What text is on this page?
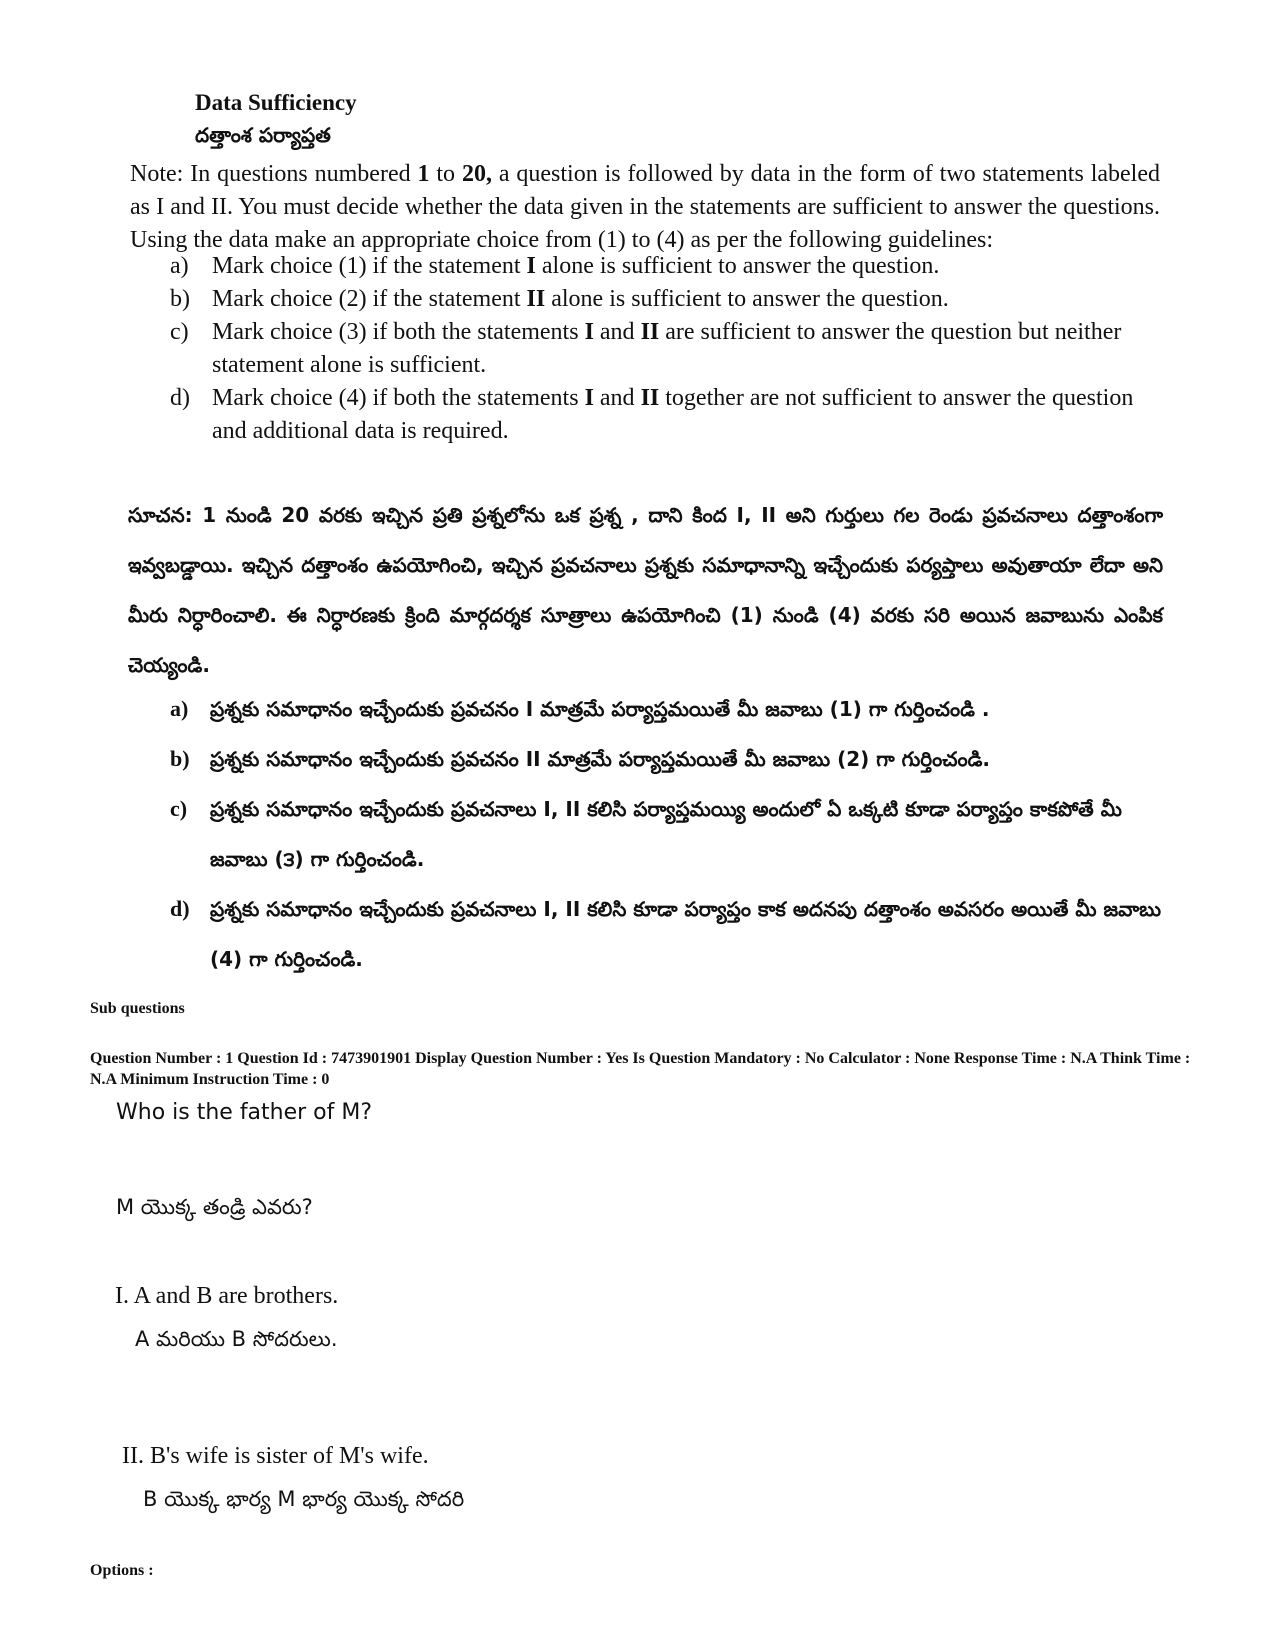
Data Sufficiency
దత్తాంశ పర్యాప్తత
Note: In questions numbered 1 to 20, a question is followed by data in the form of two statements labeled as I and II. You must decide whether the data given in the statements are sufficient to answer the questions. Using the data make an appropriate choice from (1) to (4) as per the following guidelines:
a) Mark choice (1) if the statement I alone is sufficient to answer the question.
b) Mark choice (2) if the statement II alone is sufficient to answer the question.
c) Mark choice (3) if both the statements I and II are sufficient to answer the question but neither statement alone is sufficient.
d) Mark choice (4) if both the statements I and II together are not sufficient to answer the question and additional data is required.
సూచన: 1 నుండి 20 వరకు ఇచ్చిన ప్రతి ప్రశ్నలోను ఒక ప్రశ్న , దాని కింద I, II అని గుర్తులు గల రెండు ప్రవచనాలు దత్తాంశంగా ఇవ్వబడ్డాయి. ఇచ్చిన దత్తాంశం ఉపయోగించి, ఇచ్చిన ప్రవచనాలు ప్రశ్నకు సమాధానాన్ని ఇచ్చేందుకు పర్యప్తాలు అవుతాయా లేదా అని మీరు నిర్ధారించాలి. ఈ నిర్ధారణకు క్రింది మార్గదర్శక సూత్రాలు ఉపయోగించి (1) నుండి (4) వరకు సరి అయిన జవాబును ఎంపిక చెయ్యండి.
a)	ప్రశ్నకు సమాధానం ఇచ్చేందుకు ప్రవచనం I మాత్రమే పర్యాప్తమయితే మీ జవాబు (1) గా గుర్తించండి .
b)	ప్రశ్నకు సమాధానం ఇచ్చేందుకు ప్రవచనం II మాత్రమే పర్యాప్తమయితే మీ జవాబు (2) గా గుర్తించండి.
c)	ప్రశ్నకు సమాధానం ఇచ్చేందుకు ప్రవచనాలు I, II కలిసి పర్యాప్తమయ్యి అందులో ఏ ఒక్కటి కూడా పర్యాప్తం కాకపోతే మీ జవాబు (౩) గా గుర్తించండి.
d)	ప్రశ్నకు సమాధానం ఇచ్చేందుకు ప్రవచనాలు I, II కలిసి కూడా పర్యాప్తం కాక అదనపు దత్తాంశం అవసరం అయితే మీ జవాబు (4) గా గుర్తించండి.
Sub questions
Question Number : 1 Question Id : 7473901901 Display Question Number : Yes Is Question Mandatory : No Calculator : None Response Time : N.A Think Time : N.A Minimum Instruction Time : 0
Who is the father of M?
M యొక్క తండ్రి ఎవరు?
I. A and B are brothers.
A మరియు B సోదరులు.
II. B's wife is sister of M's wife.
B యొక్క భార్య M భార్య యొక్క సోదరి
Options :
